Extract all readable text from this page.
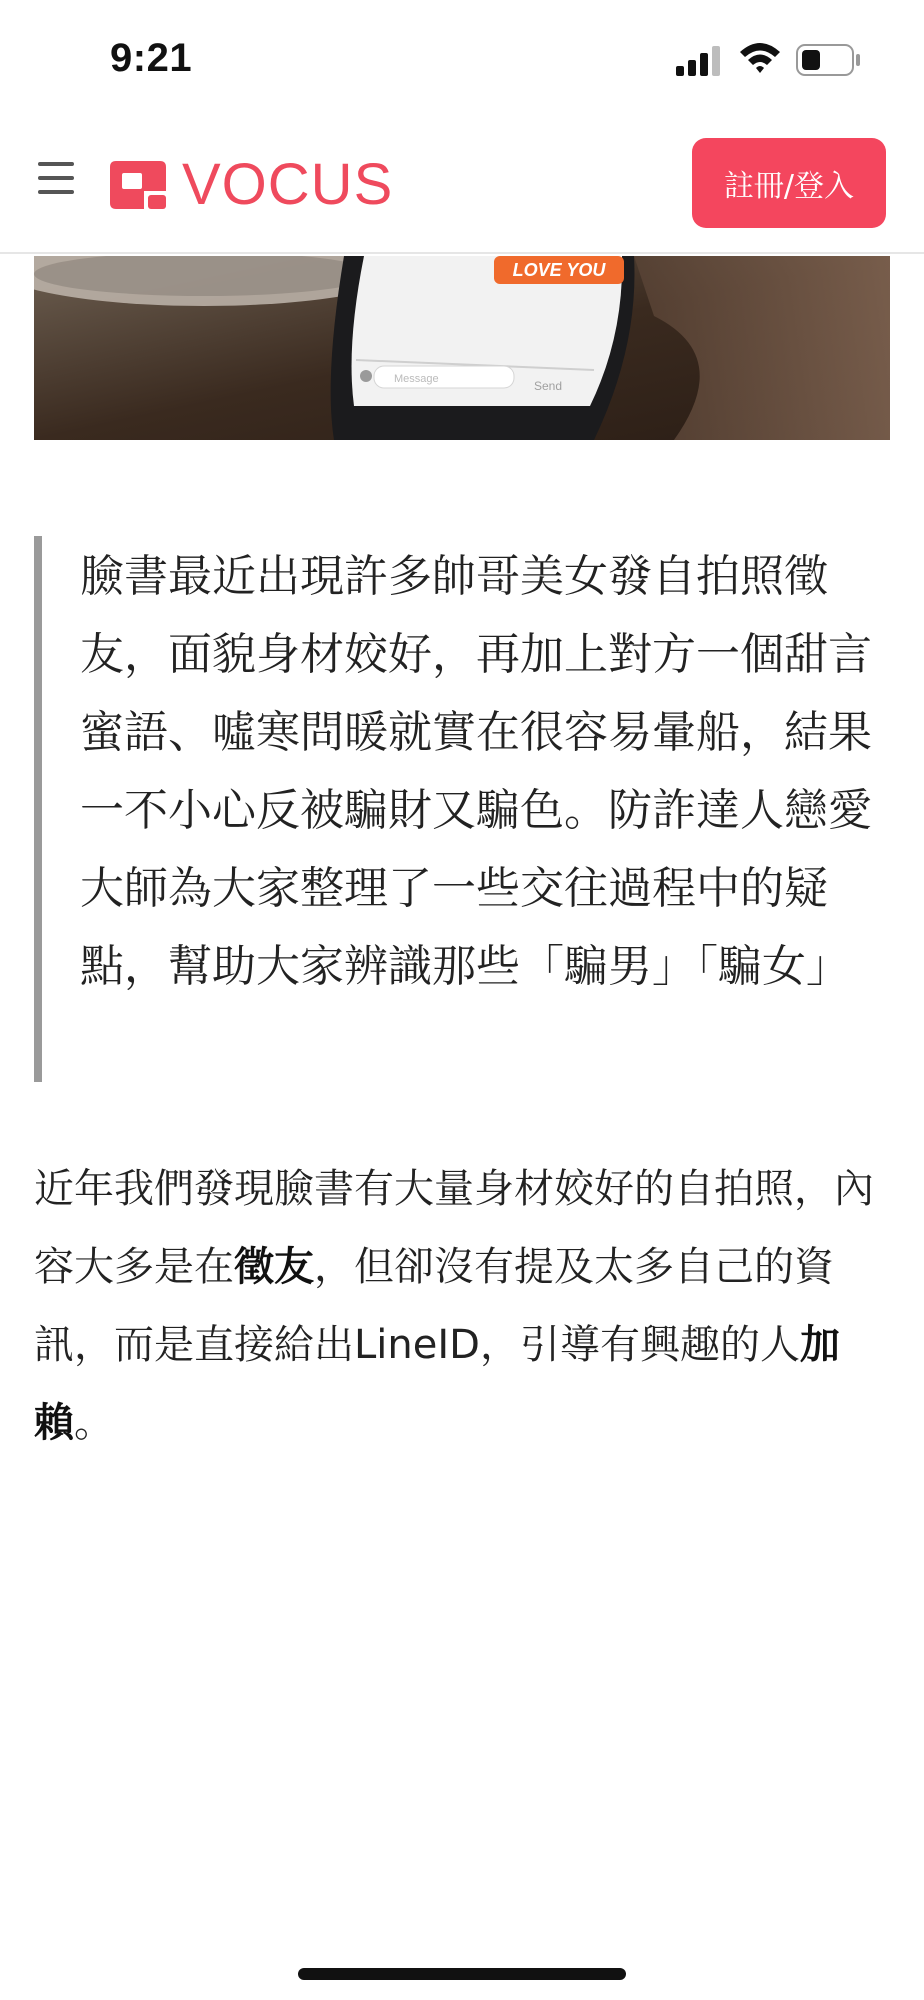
9:21
VOCUS	註冊/登入
LOVE YOU
Message	Send

臉書最近出現許多帥哥美女發自拍照徵友，面貌身材姣好，再加上對方一個甜言蜜語、噓寒問暖就實在很容易暈船，結果一不小心反被騙財又騙色。防詐達人戀愛大師為大家整理了一些交往過程中的疑點，幫助大家辨識那些「騙男」「騙女」

近年我們發現臉書有大量身材姣好的自拍照，內容大多是在徵友，但卻沒有提及太多自己的資訊，而是直接給出LineID，引導有興趣的人加賴。
